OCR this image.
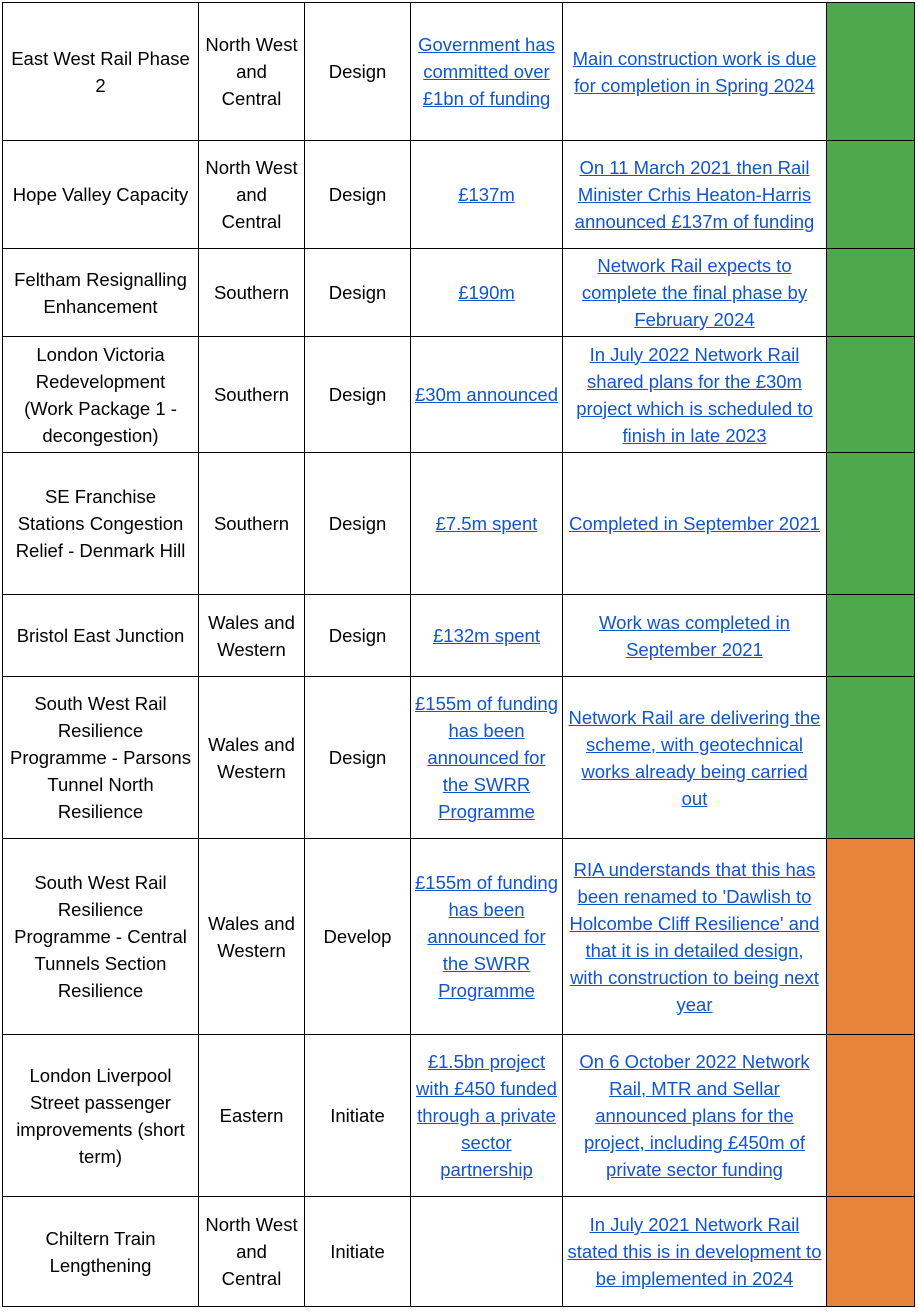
East West Rail Phase 2	North West and Central	Design	Government has committed over £1bn of funding	Main construction work is due for completion in Spring 2024	

Hope Valley Capacity	North West and Central	Design	£137m	On 11 March 2021 then Rail Minister Crhis Heaton-Harris announced £137m of funding	

Feltham Resignalling Enhancement	Southern	Design	£190m	Network Rail expects to complete the final phase by February 2024	

London Victoria Redevelopment (Work Package 1 - decongestion)	Southern	Design	£30m announced	In July 2022 Network Rail shared plans for the £30m project which is scheduled to finish in late 2023	

SE Franchise Stations Congestion Relief - Denmark Hill	Southern	Design	£7.5m spent	Completed in September 2021	

Bristol East Junction	Wales and Western	Design	£132m spent	Work was completed in September 2021	

South West Rail Resilience Programme - Parsons Tunnel North Resilience	Wales and Western	Design	£155m of funding has been announced for the SWRR Programme	Network Rail are delivering the scheme, with geotechnical works already being carried out	

South West Rail Resilience Programme - Central Tunnels Section Resilience	Wales and Western	Develop	£155m of funding has been announced for the SWRR Programme	RIA understands that this has been renamed to 'Dawlish to Holcombe Cliff Resilience' and that it is in detailed design, with construction to being next year	

London Liverpool Street passenger improvements (short term)	Eastern	Initiate	£1.5bn project with £450 funded through a private sector partnership	On 6 October 2022 Network Rail, MTR and Sellar announced plans for the project, including £450m of private sector funding	

Chiltern Train Lengthening	North West and Central	Initiate		In July 2021 Network Rail stated this is in development to be implemented in 2024	
